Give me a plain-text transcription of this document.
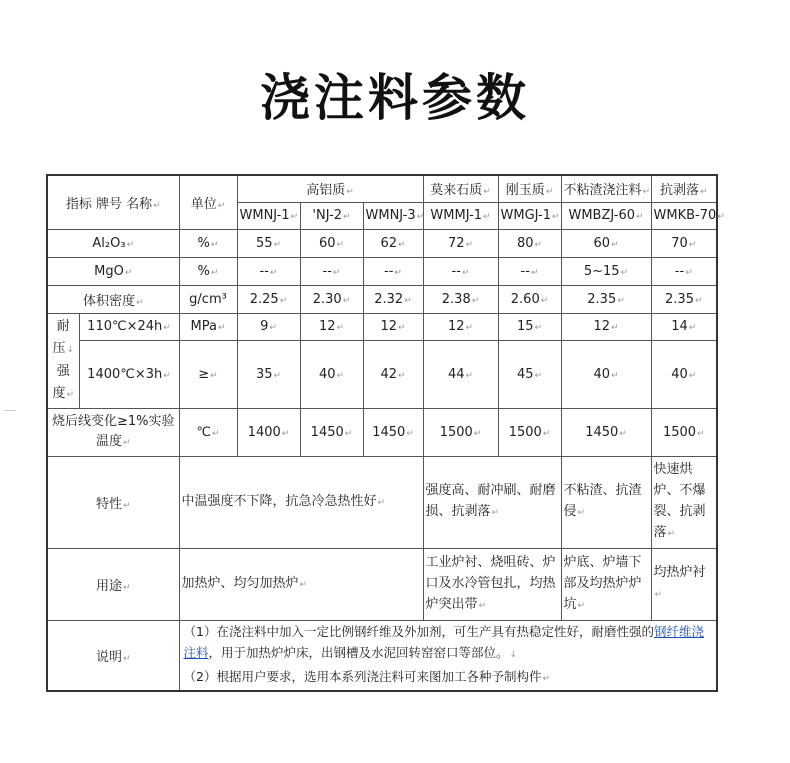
浇注料参数
指标 牌号 名称↵		单位↵	高铝质↵			莫来石质↵	刚玉质↵	不粘渣浇注料↵	抗剥落↵
			WMNJ-1↵	'NJ-2↵	WMNJ-3↵	WMMJ-1↵	WMGJ-1↵	WMBZJ-60↵	WMKB-70↵
Al₂O₃↵		%↵	55↵	60↵	62↵	72↵	80↵	60↵	70↵
MgO↵		%↵	--↵	--↵	--↵	--↵	--↵	5~15↵	--↵
体积密度↵		g/cm³	2.25↵	2.30↵	2.32↵	2.38↵	2.60↵	2.35↵	2.35↵
耐
压↓
强
度↵	110℃×24h↵	MPa↵	9↵	12↵	12↵	12↵	15↵	12↵	14↵
	1400℃×3h↵	≥↵	35↵	40↵	42↵	44↵	45↵	40↵	40↵
烧后线变化≥1%实验
温度↵		℃↵	1400↵	1450↵	1450↵	1500↵	1500↵	1450↵	1500↵
特性↵		中温强度不下降，抗急冷急热性好↵				强度高、耐冲刷、耐磨损、抗剥落↵		不粘渣、抗渣侵↵	快速烘炉、不爆裂、抗剥落↵
用途↵		加热炉、均匀加热炉↵				工业炉衬、烧咀砖、炉口及水冷管包扎，均热炉突出带↵		炉底、炉墙下部及均热炉炉坑↵	均热炉衬↵
说明↵		（1）在浇注料中加入一定比例钢纤维及外加剂，可生产具有热稳定性好，耐磨性强的钢纤维浇注料，用于加热炉炉床，出钢槽及水泥回转窑窑口等部位。↓
（2）根据用户要求，选用本系列浇注料可来图加工各种予制构件↵							
